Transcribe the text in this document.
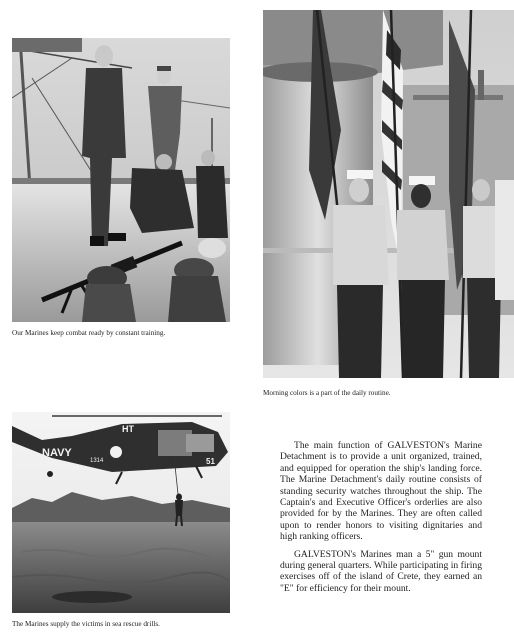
Our Marines keep combat ready by constant training.
Morning colors is a part of the daily routine.
NAVY
HT
HC-4
1314	51
The Marines supply the victims in sea rescue drills.

The main function of GALVESTON's Marine Detachment is to provide a unit organized, trained, and equipped for operation the ship's landing force. The Marine Detachment's daily routine consists of standing security watches throughout the ship. The Captain's and Executive Officer's orderlies are also provided for by the Marines. They are often called upon to render honors to visiting dignitaries and high ranking officers.

GALVESTON's Marines man a 5" gun mount during general quarters. While participating in firing exercises off of the island of Crete, they earned an "E" for efficiency for their mount.
